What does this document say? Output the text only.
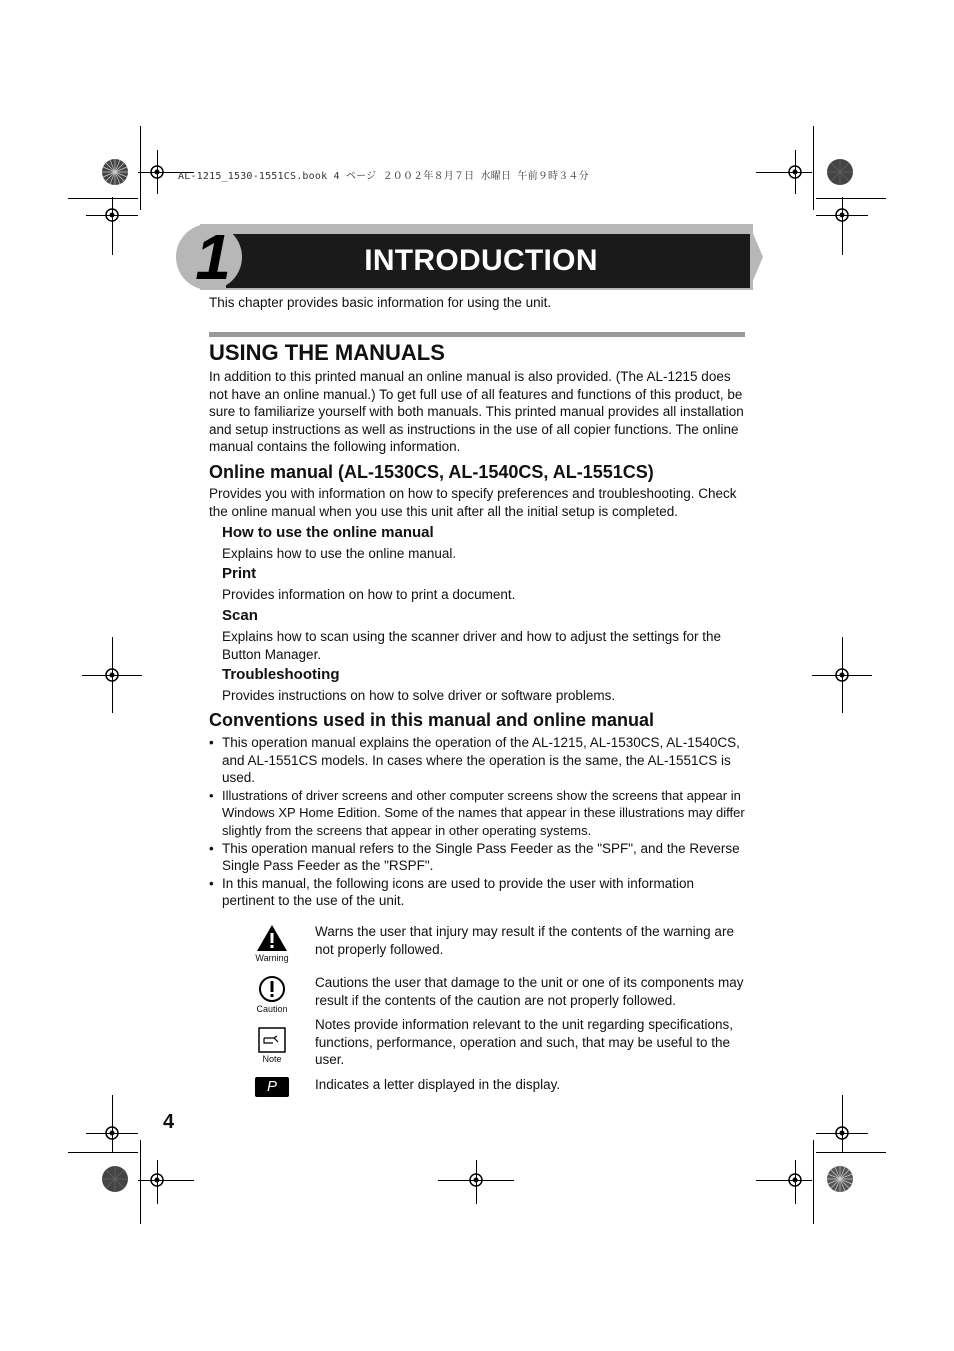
AL-1215_1530-1551CS.book 4 ページ ２００２年８月７日 水曜日 午前９時３４分
1	INTRODUCTION
This chapter provides basic information for using the unit.
USING THE MANUALS
In addition to this printed manual an online manual is also provided. (The AL-1215 does not have an online manual.) To get full use of all features and functions of this product, be sure to familiarize yourself with both manuals. This printed manual provides all installation and setup instructions as well as instructions in the use of all copier functions. The online manual contains the following information.
Online manual (AL-1530CS, AL-1540CS, AL-1551CS)
Provides you with information on how to specify preferences and troubleshooting. Check the online manual when you use this unit after all the initial setup is completed.
How to use the online manual
Explains how to use the online manual.
Print
Provides information on how to print a document.
Scan
Explains how to scan using the scanner driver and how to adjust the settings for the Button Manager.
Troubleshooting
Provides instructions on how to solve driver or software problems.
Conventions used in this manual and online manual
• This operation manual explains the operation of the AL-1215, AL-1530CS, AL-1540CS, and AL-1551CS models. In cases where the operation is the same, the AL-1551CS is used.
• Illustrations of driver screens and other computer screens show the screens that appear in Windows XP Home Edition. Some of the names that appear in these illustrations may differ slightly from the screens that appear in other operating systems.
• This operation manual refers to the Single Pass Feeder as the "SPF", and the Reverse Single Pass Feeder as the "RSPF".
• In this manual, the following icons are used to provide the user with information pertinent to the use of the unit.
Warning
Warns the user that injury may result if the contents of the warning are not properly followed.
Caution
Cautions the user that damage to the unit or one of its components may result if the contents of the caution are not properly followed.
Note
Notes provide information relevant to the unit regarding specifications, functions, performance, operation and such, that may be useful to the user.
P	Indicates a letter displayed in the display.
4
